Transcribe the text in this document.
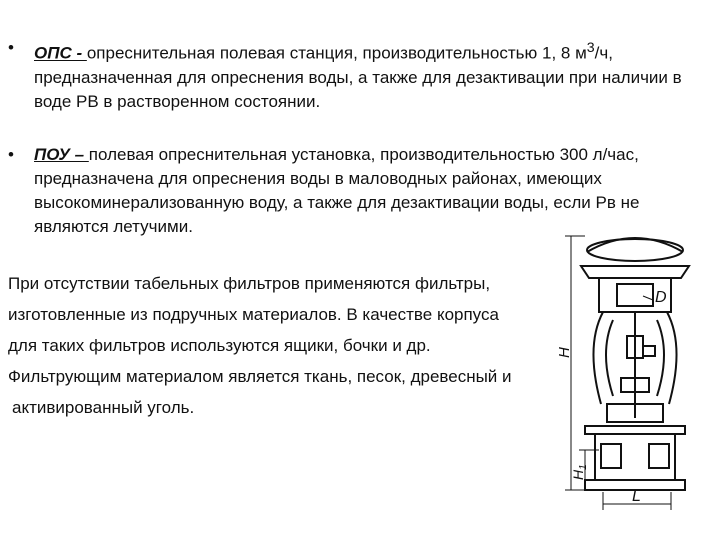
• ОПС - опреснительная полевая станция, производительностью 1, 8 $м^3/ч$, предназначенная для опреснения воды, а также для дезактивации при наличии в воде РВ в растворенном состоянии.
• ПОУ – полевая опреснительная установка, производительностью 300 л/час, предназначена для опреснения воды в маловодных районах, имеющих высокоминерализованную воду, а также для дезактивации воды, если Рв не являются летучими.
При отсутствии табельных фильтров применяются фильтры,
изготовленные из подручных материалов. В качестве корпуса
для таких фильтров используются ящики, бочки и др.
Фильтрующим материалом является ткань, песок, древесный и
активированный уголь.
D
H
$H_1$
L
